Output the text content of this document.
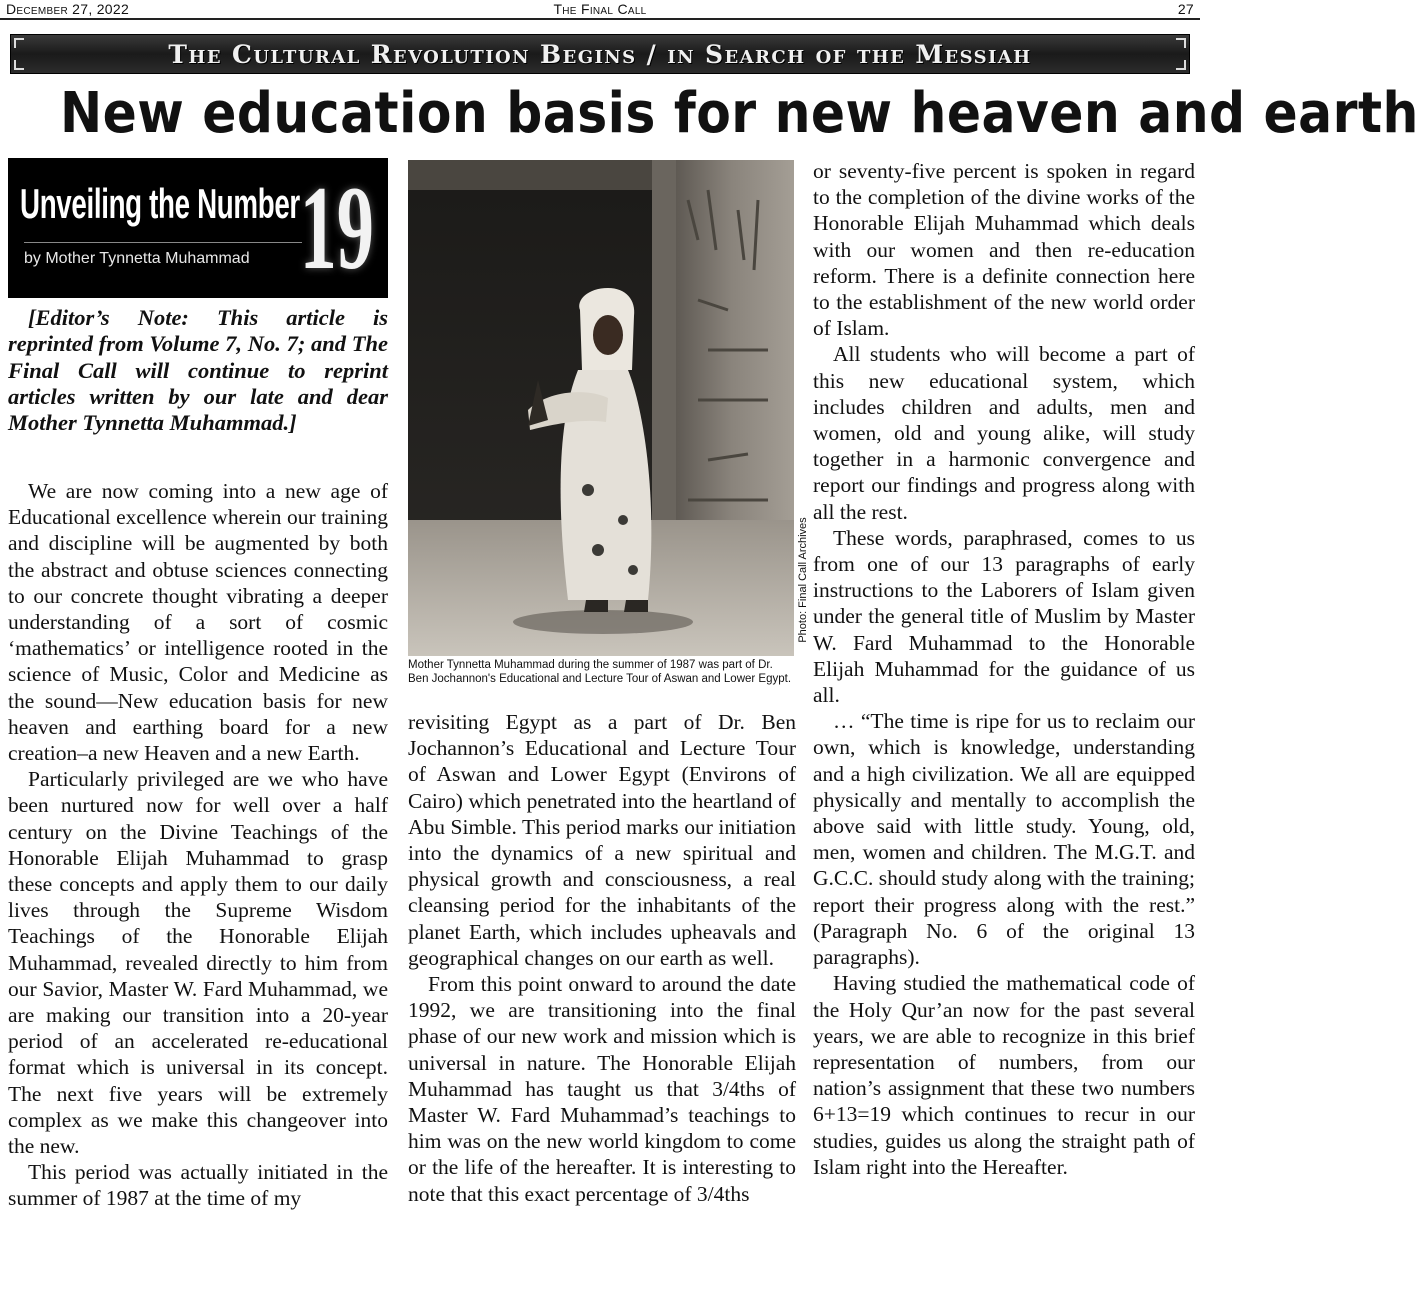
December 27, 2022	The Final Call	27
The Cultural Revolution Begins / in Search of the Messiah
New education basis for new heaven and earth
Unveiling the Number
by Mother Tynnetta Muhammad 19

[Editor’s Note: This article is reprinted from Volume 7, No. 7; and The Final Call will continue to reprint articles written by our late and dear Mother Tynnetta Muhammad.]

We are now coming into a new age of Educational excellence wherein our training and discipline will be augmented by both the abstract and obtuse sciences connecting to our concrete thought vibrating a deeper understanding of a sort of cosmic ‘mathematics’ or intelligence rooted in the science of Music, Color and Medicine as the sound—New education basis for new heaven and earthing board for a new creation–a new Heaven and a new Earth.

Particularly privileged are we who have been nurtured now for well over a half century on the Divine Teachings of the Honorable Elijah Muhammad to grasp these concepts and apply them to our daily lives through the Supreme Wisdom Teachings of the Honorable Elijah Muhammad, revealed directly to him from our Savior, Master W. Fard Muhammad, we are making our transition into a 20-year period of an accelerated re-educational format which is universal in its concept. The next five years will be extremely complex as we make this changeover into the new.

This period was actually initiated in the summer of 1987 at the time of my

Photo: Final Call Archives

Mother Tynnetta Muhammad during the summer of 1987 was part of Dr. Ben Jochannon's Educational and Lecture Tour of Aswan and Lower Egypt.

revisiting Egypt as a part of Dr. Ben Jochannon’s Educational and Lecture Tour of Aswan and Lower Egypt (Environs of Cairo) which penetrated into the heartland of Abu Simble. This period marks our initiation into the dynamics of a new spiritual and physical growth and consciousness, a real cleansing period for the inhabitants of the planet Earth, which includes upheavals and geographical changes on our earth as well.

From this point onward to around the date 1992, we are transitioning into the final phase of our new work and mission which is universal in nature. The Honorable Elijah Muhammad has taught us that 3/4ths of Master W. Fard Muhammad’s teachings to him was on the new world kingdom to come or the life of the hereafter. It is interesting to note that this exact percentage of 3/4ths

or seventy-five percent is spoken in regard to the completion of the divine works of the Honorable Elijah Muhammad which deals with our women and then re-education reform. There is a definite connection here to the establishment of the new world order of Islam.

All students who will become a part of this new educational system, which includes children and adults, men and women, old and young alike, will study together in a harmonic convergence and report our findings and progress along with all the rest.

These words, paraphrased, comes to us from one of our 13 paragraphs of early instructions to the Laborers of Islam given under the general title of Muslim by Master W. Fard Muhammad to the Honorable Elijah Muhammad for the guidance of us all.

… “The time is ripe for us to reclaim our own, which is knowledge, understanding and a high civilization. We all are equipped physically and mentally to accomplish the above said with little study. Young, old, men, women and children. The M.G.T. and G.C.C. should study along with the training; report their progress along with the rest.” (Paragraph No. 6 of the original 13 paragraphs).

Having studied the mathematical code of the Holy Qur’an now for the past several years, we are able to recognize in this brief representation of numbers, from our nation’s assignment that these two numbers 6+13=19 which continues to recur in our studies, guides us along the straight path of Islam right into the Hereafter.
